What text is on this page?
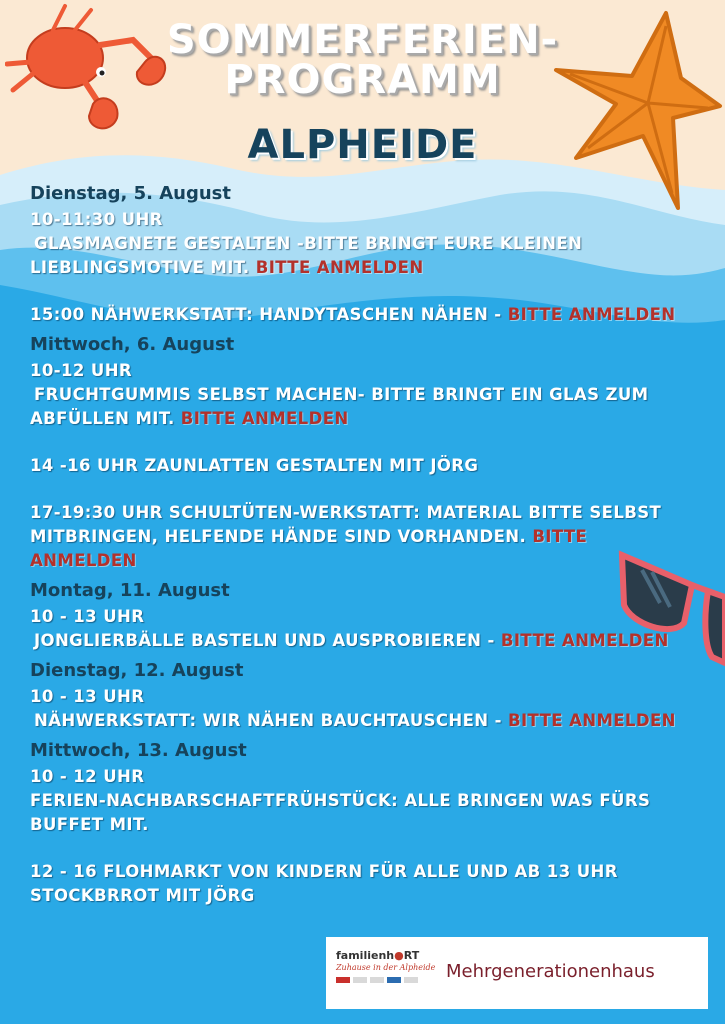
SOMMERFERIEN-
PROGRAMM
ALPHEIDE
Dienstag, 5. August
10-11:30 UHR
GLASMAGNETE GESTALTEN -BITTE BRINGT EURE KLEINEN LIEBLINGSMOTIVE MIT. BITTE ANMELDEN
15:00 NÄHWERKSTATT: HANDYTASCHEN NÄHEN - BITTE ANMELDEN
Mittwoch, 6. August
10-12 UHR
FRUCHTGUMMIS SELBST MACHEN- BITTE BRINGT EIN GLAS ZUM ABFÜLLEN MIT. BITTE ANMELDEN
14 -16 UHR ZAUNLATTEN GESTALTEN MIT JÖRG
17-19:30 UHR SCHULTÜTEN-WERKSTATT: MATERIAL BITTE SELBST MITBRINGEN, HELFENDE HÄNDE SIND VORHANDEN. BITTE ANMELDEN
Montag, 11. August
10 - 13 UHR
JONGLIERBÄLLE BASTELN UND AUSPROBIEREN - BITTE ANMELDEN
Dienstag, 12. August
10 - 13 UHR
NÄHWERKSTATT: WIR NÄHEN BAUCHTAUSCHEN - BITTE ANMELDEN
Mittwoch, 13. August
10 - 12 UHR
FERIEN-NACHBARSCHAFTFRÜHSTÜCK: ALLE BRINGEN WAS FÜRS BUFFET MIT.
12 - 16 FLOHMARKT VON KINDERN FÜR ALLE UND AB 13 UHR STOCKBRROT MIT JÖRG
familienh●RT
Zuhause in der Alpheide Mehrgenerationenhaus
